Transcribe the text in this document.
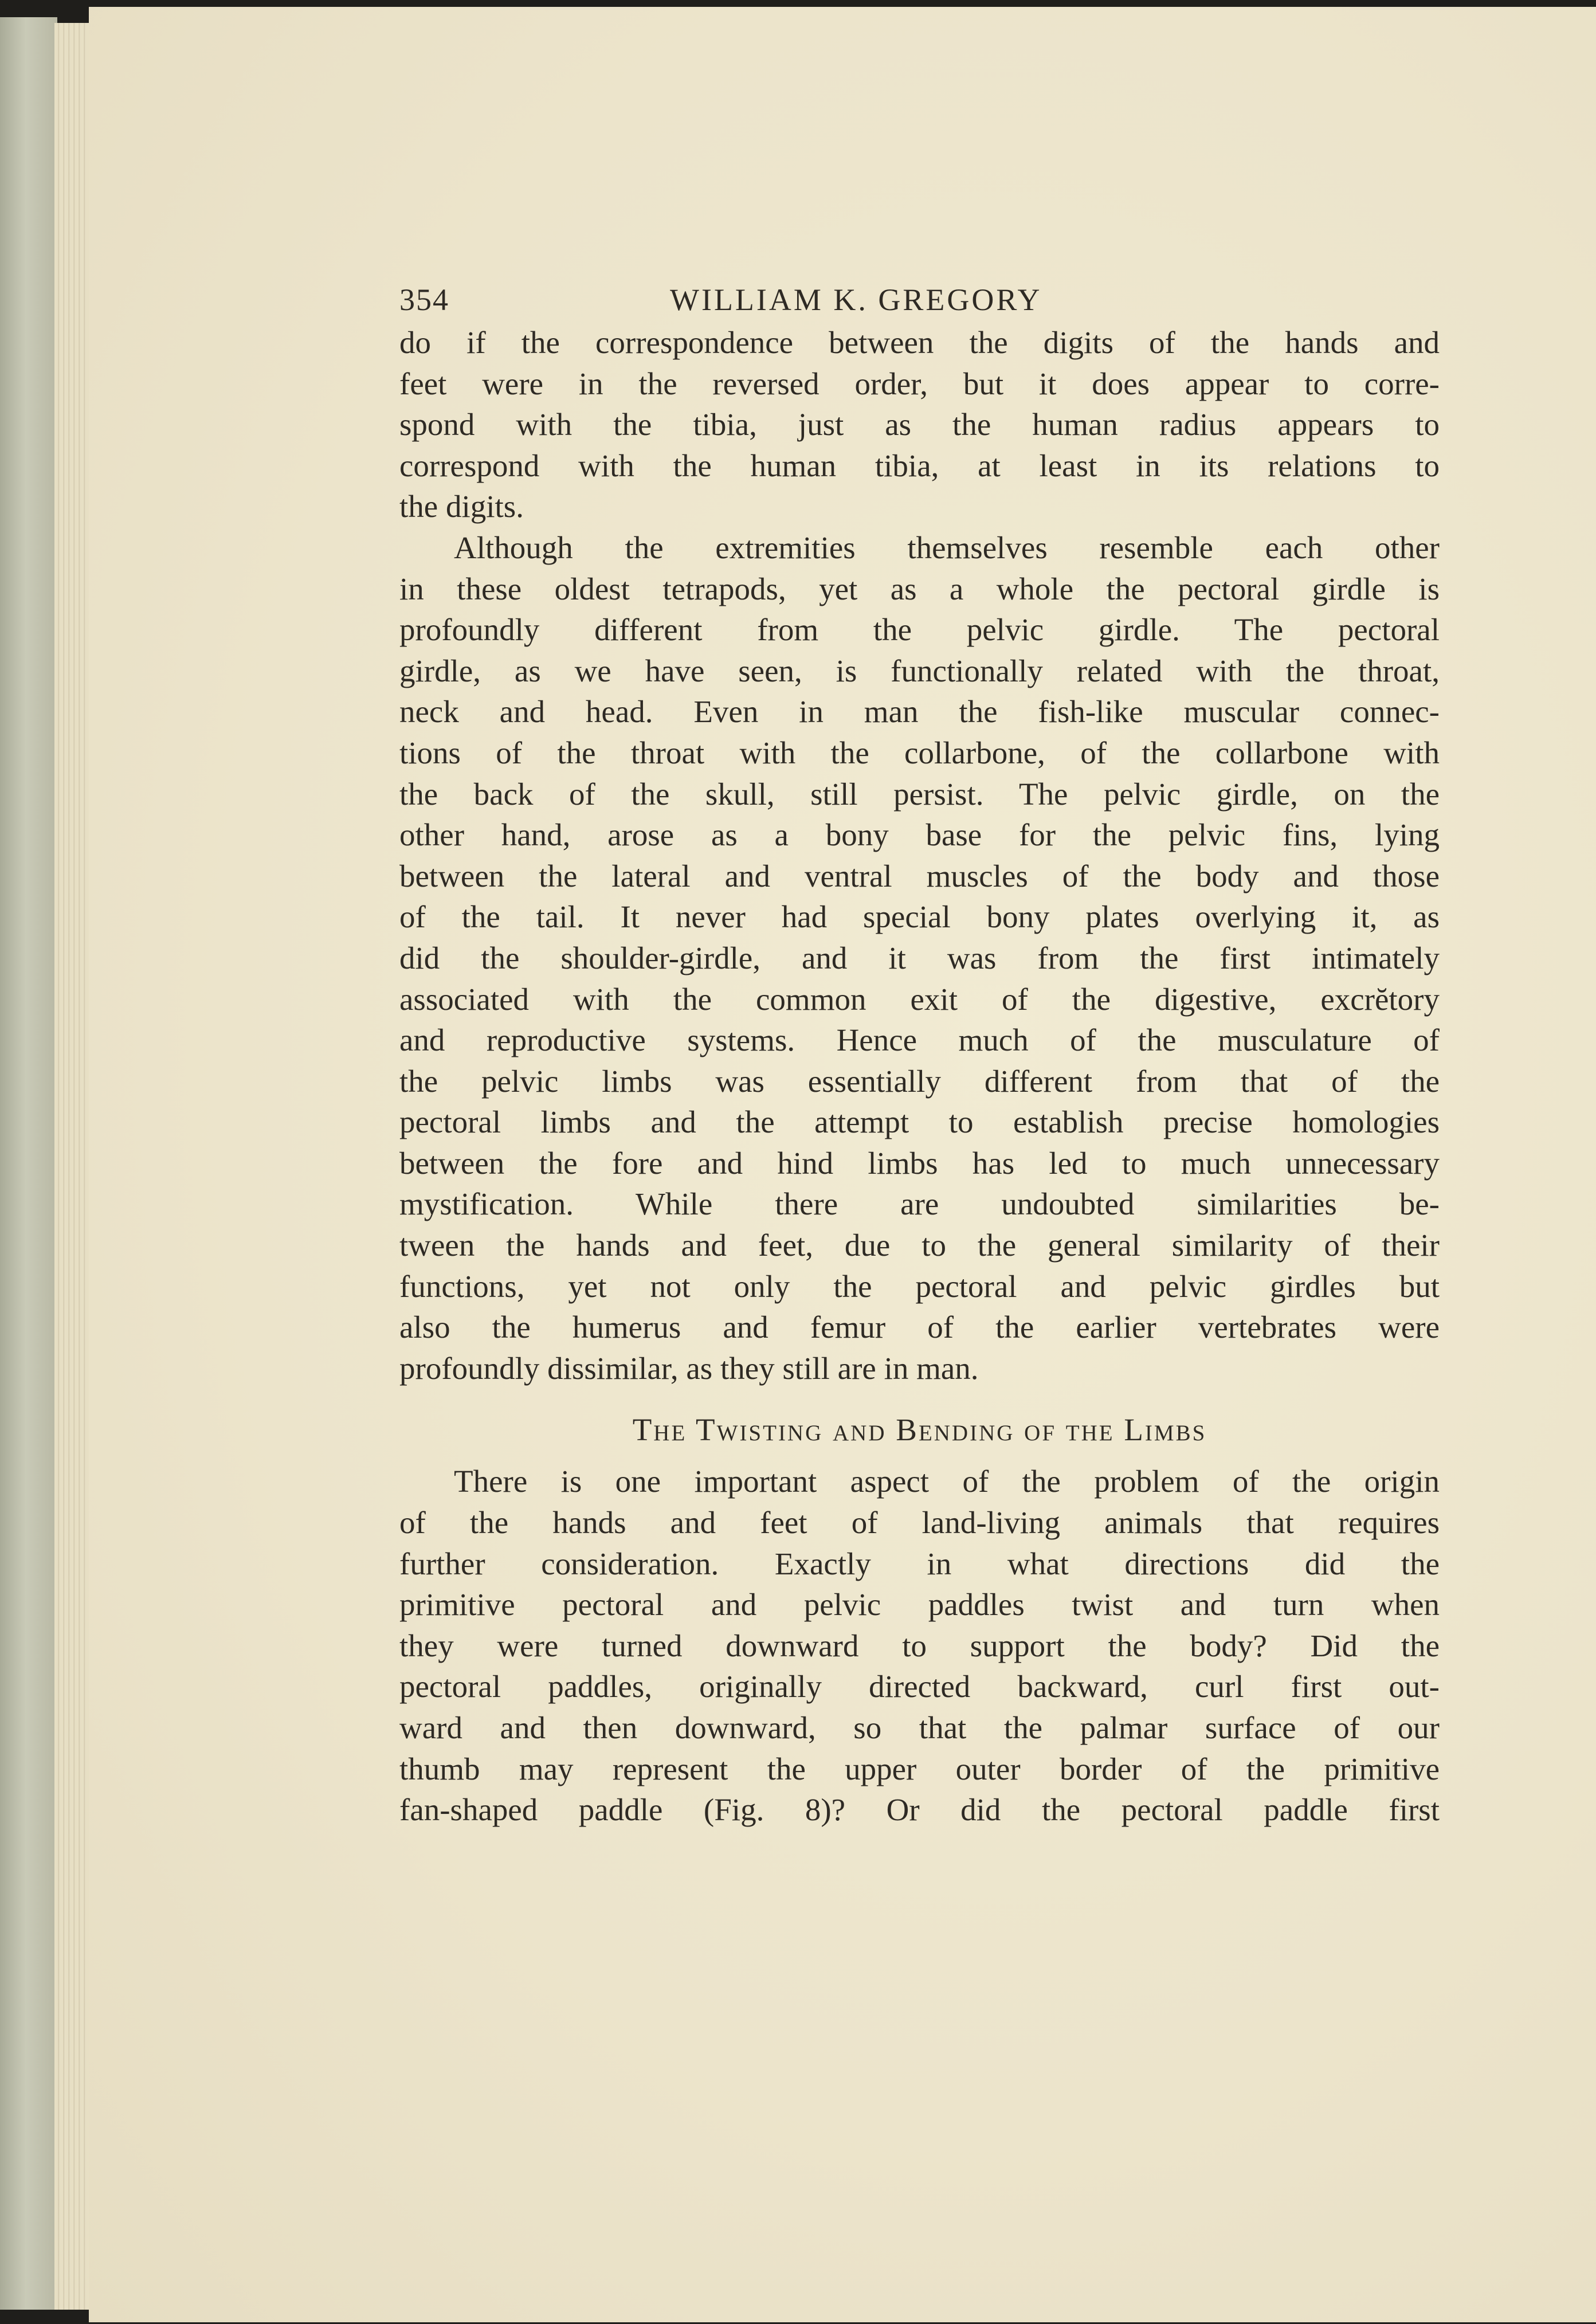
354	WILLIAM K. GREGORY
do if the correspondence between the digits of the hands and
feet were in the reversed order, but it does appear to corre-
spond with the tibia, just as the human radius appears to
correspond with the human tibia, at least in its relations to
the digits.
Although the extremities themselves resemble each other
in these oldest tetrapods, yet as a whole the pectoral girdle is
profoundly different from the pelvic girdle. The pectoral
girdle, as we have seen, is functionally related with the throat,
neck and head. Even in man the fish-like muscular connec-
tions of the throat with the collarbone, of the collarbone with
the back of the skull, still persist. The pelvic girdle, on the
other hand, arose as a bony base for the pelvic fins, lying
between the lateral and ventral muscles of the body and those
of the tail. It never had special bony plates overlying it, as
did the shoulder-girdle, and it was from the first intimately
associated with the common exit of the digestive, excrĕtory
and reproductive systems. Hence much of the musculature of
the pelvic limbs was essentially different from that of the
pectoral limbs and the attempt to establish precise homologies
between the fore and hind limbs has led to much unnecessary
mystification. While there are undoubted similarities be-
tween the hands and feet, due to the general similarity of their
functions, yet not only the pectoral and pelvic girdles but
also the humerus and femur of the earlier vertebrates were
profoundly dissimilar, as they still are in man.
The Twisting and Bending of the Limbs
There is one important aspect of the problem of the origin
of the hands and feet of land-living animals that requires
further consideration. Exactly in what directions did the
primitive pectoral and pelvic paddles twist and turn when
they were turned downward to support the body? Did the
pectoral paddles, originally directed backward, curl first out-
ward and then downward, so that the palmar surface of our
thumb may represent the upper outer border of the primitive
fan-shaped paddle (Fig. 8)? Or did the pectoral paddle first
